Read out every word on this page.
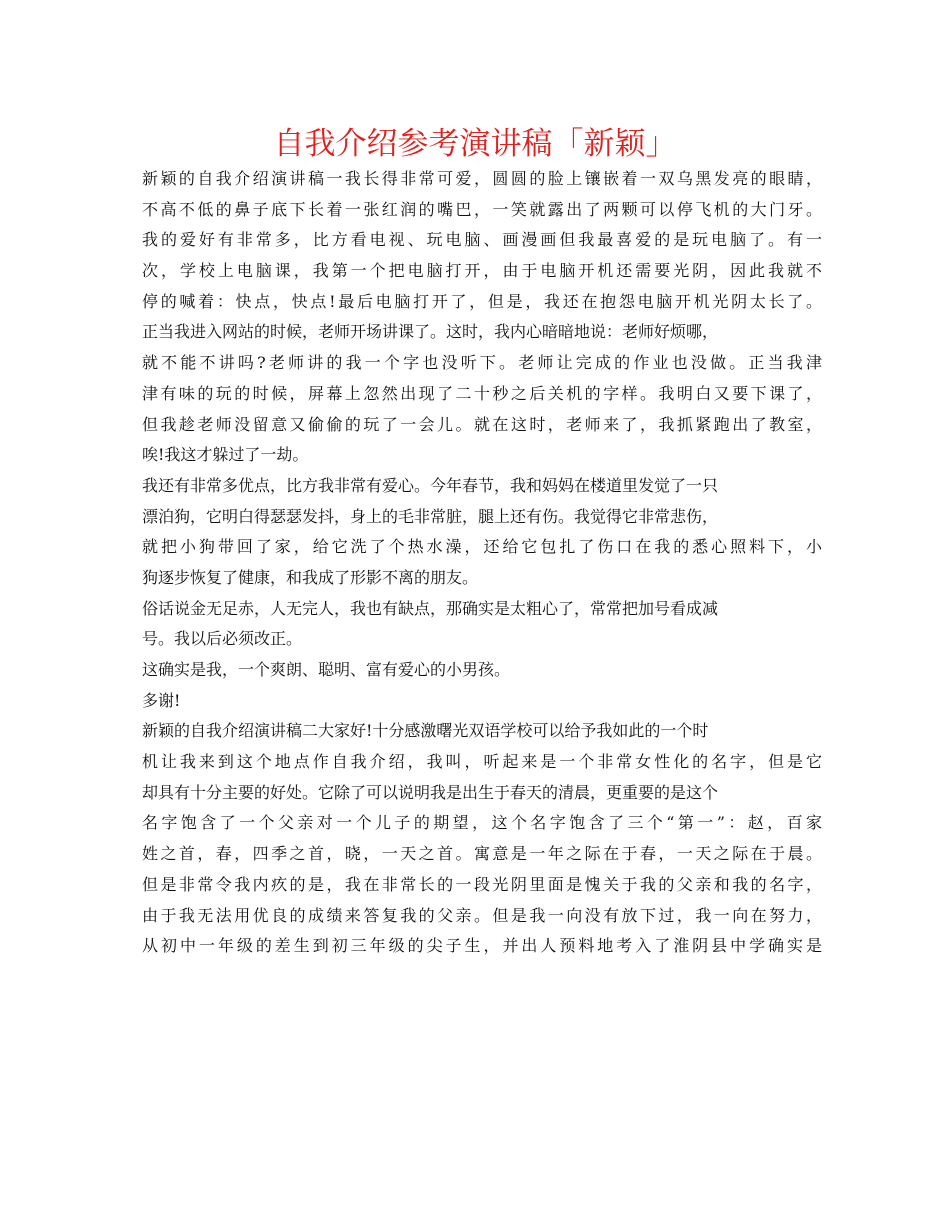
自我介绍参考演讲稿「新颖」
新颖的自我介绍演讲稿一我长得非常可爱，圆圆的脸上镶嵌着一双乌黑发亮的眼睛，
不高不低的鼻子底下长着一张红润的嘴巴，一笑就露出了两颗可以停飞机的大门牙。
我的爱好有非常多，比方看电视、玩电脑、画漫画但我最喜爱的是玩电脑了。有一
次，学校上电脑课，我第一个把电脑打开，由于电脑开机还需要光阴，因此我就不
停的喊着：快点，快点!最后电脑打开了，但是，我还在抱怨电脑开机光阴太长了。
正当我进入网站的时候，老师开场讲课了。这时，我内心暗暗地说：老师好烦哪，
就不能不讲吗?老师讲的我一个字也没听下。老师让完成的作业也没做。正当我津
津有味的玩的时候，屏幕上忽然出现了二十秒之后关机的字样。我明白又要下课了，
但我趁老师没留意又偷偷的玩了一会儿。就在这时，老师来了，我抓紧跑出了教室，
唉!我这才躲过了一劫。
我还有非常多优点，比方我非常有爱心。今年春节，我和妈妈在楼道里发觉了一只
漂泊狗，它明白得瑟瑟发抖，身上的毛非常脏，腿上还有伤。我觉得它非常悲伤，
就把小狗带回了家，给它洗了个热水澡，还给它包扎了伤口在我的悉心照料下，小
狗逐步恢复了健康，和我成了形影不离的朋友。
俗话说金无足赤，人无完人，我也有缺点，那确实是太粗心了，常常把加号看成减
号。我以后必须改正。
这确实是我，一个爽朗、聪明、富有爱心的小男孩。
多谢!
新颖的自我介绍演讲稿二大家好!十分感激曙光双语学校可以给予我如此的一个时
机让我来到这个地点作自我介绍，我叫，听起来是一个非常女性化的名字，但是它
却具有十分主要的好处。它除了可以说明我是出生于春天的清晨，更重要的是这个
名字饱含了一个父亲对一个儿子的期望，这个名字饱含了三个“第一”：赵，百家
姓之首，春，四季之首，晓，一天之首。寓意是一年之际在于春，一天之际在于晨。
但是非常令我内疚的是，我在非常长的一段光阴里面是愧关于我的父亲和我的名字，
由于我无法用优良的成绩来答复我的父亲。但是我一向没有放下过，我一向在努力，
从初中一年级的差生到初三年级的尖子生，并出人预料地考入了淮阴县中学确实是
